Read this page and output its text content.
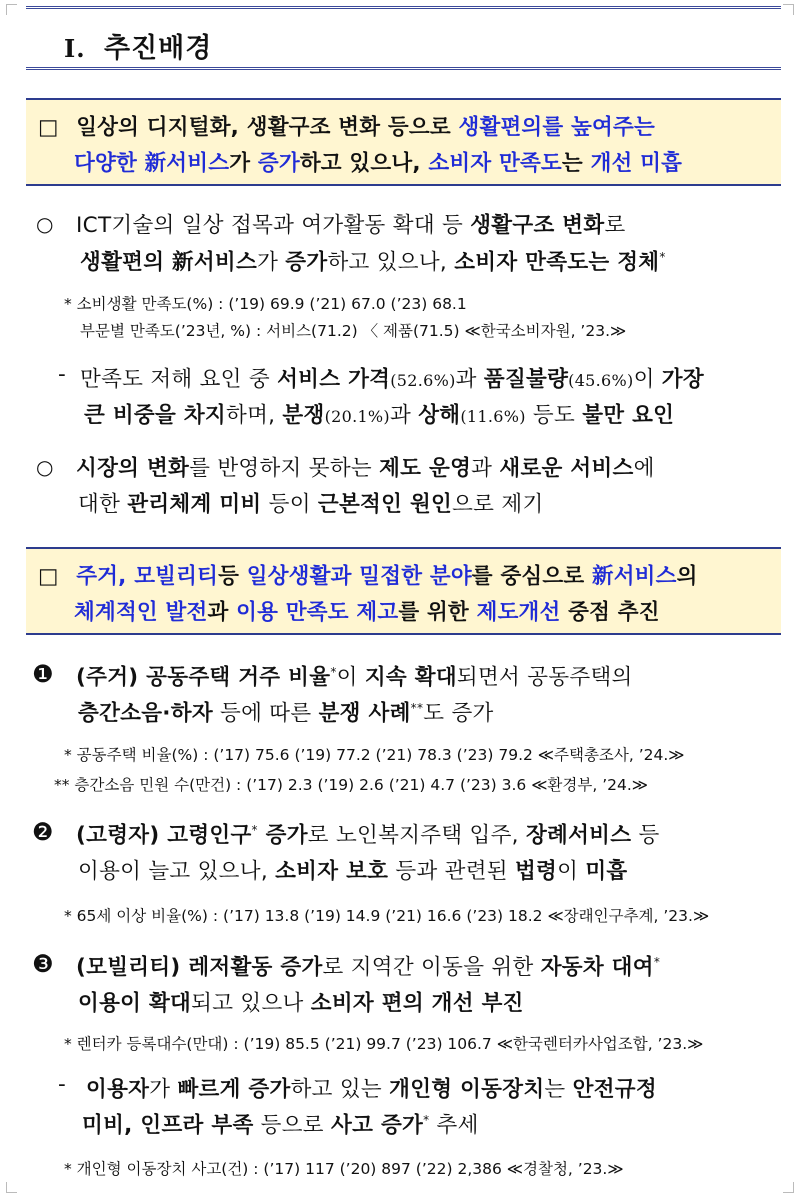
Ⅰ. 추진배경
□ 일상의 디지털화, 생활구조 변화 등으로 생활편의를 높여주는
다양한 新서비스가 증가하고 있으나, 소비자 만족도는 개선 미흡
○ ICT기술의 일상 접목과 여가활동 확대 등 생활구조 변화로
생활편의 新서비스가 증가하고 있으나, 소비자 만족도는 정체*
* 소비생활 만족도(%) : (’19) 69.9 (’21) 67.0 (’23) 68.1
부문별 만족도(’23년, %) : 서비스(71.2) 〈 제품(71.5) ≪한국소비자원, ’23.≫
- 만족도 저해 요인 중 서비스 가격(52.6%)과 품질불량(45.6%)이 가장
큰 비중을 차지하며, 분쟁(20.1%)과 상해(11.6%) 등도 불만 요인
○ 시장의 변화를 반영하지 못하는 제도 운영과 새로운 서비스에
대한 관리체계 미비 등이 근본적인 원인으로 제기
□ 주거, 모빌리티등 일상생활과 밀접한 분야를 중심으로 新서비스의
체계적인 발전과 이용 만족도 제고를 위한 제도개선 중점 추진
❶ (주거) 공동주택 거주 비율*이 지속 확대되면서 공동주택의
층간소음·하자 등에 따른 분쟁 사례**도 증가
* 공동주택 비율(%) : (’17) 75.6 (’19) 77.2 (’21) 78.3 (’23) 79.2 ≪주택총조사, ’24.≫
** 층간소음 민원 수(만건) : (’17) 2.3 (’19) 2.6 (’21) 4.7 (’23) 3.6 ≪환경부, ’24.≫
❷ (고령자) 고령인구* 증가로 노인복지주택 입주, 장례서비스 등
이용이 늘고 있으나, 소비자 보호 등과 관련된 법령이 미흡
* 65세 이상 비율(%) : (’17) 13.8 (’19) 14.9 (’21) 16.6 (’23) 18.2 ≪장래인구추계, ’23.≫
❸ (모빌리티) 레저활동 증가로 지역간 이동을 위한 자동차 대여*
이용이 확대되고 있으나 소비자 편의 개선 부진
* 렌터카 등록대수(만대) : (’19) 85.5 (’21) 99.7 (’23) 106.7 ≪한국렌터카사업조합, ’23.≫
- 이용자가 빠르게 증가하고 있는 개인형 이동장치는 안전규정
미비, 인프라 부족 등으로 사고 증가* 추세
* 개인형 이동장치 사고(건) : (’17) 117 (’20) 897 (’22) 2,386 ≪경찰청, ’23.≫
